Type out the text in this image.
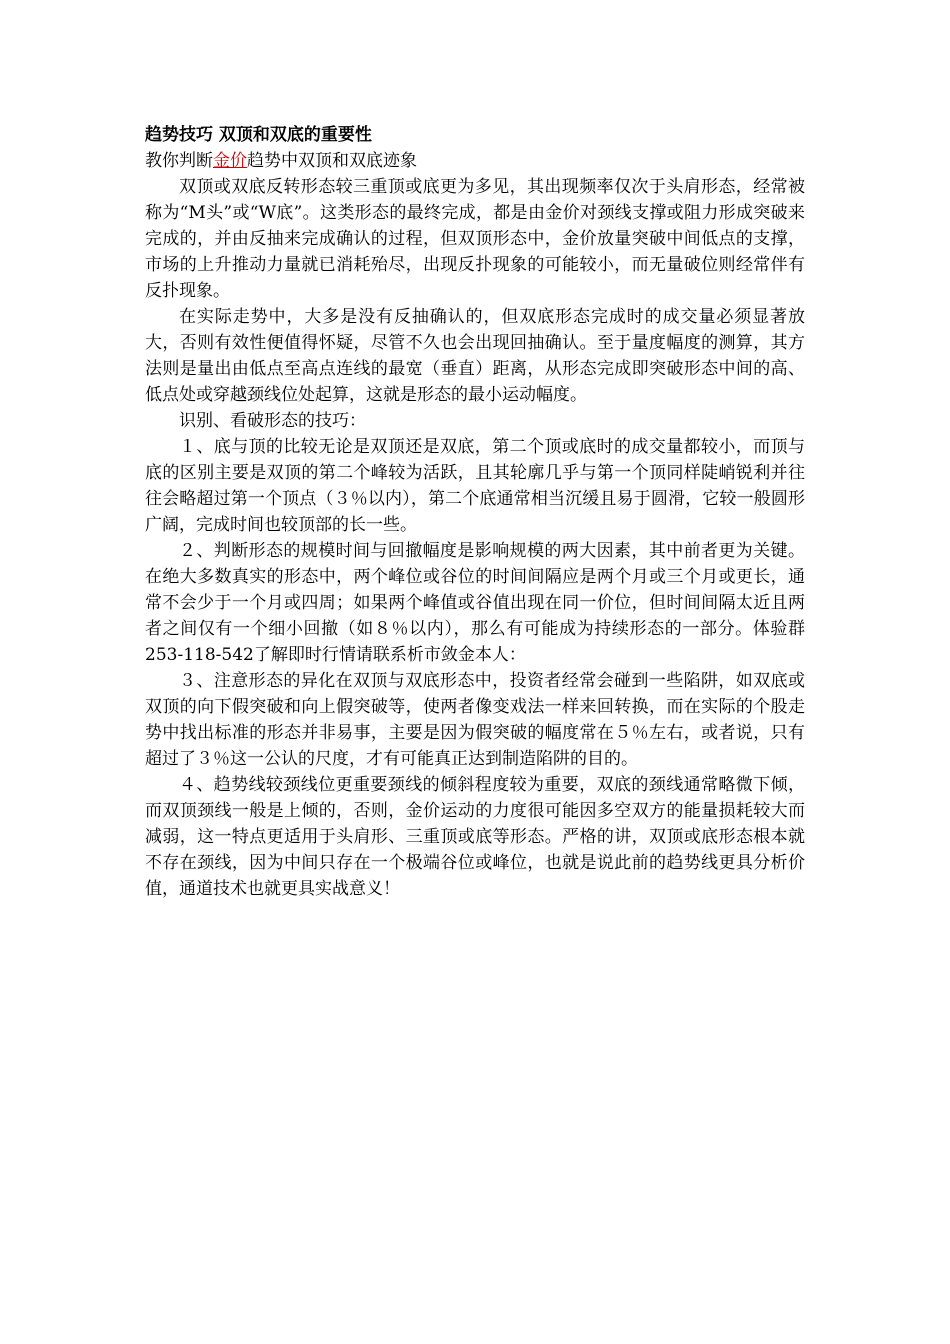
趋势技巧 双顶和双底的重要性

教你判断金价趋势中双顶和双底迹象

双顶或双底反转形态较三重顶或底更为多见，其出现频率仅次于头肩形态，经常被称为“M头”或“W底”。这类形态的最终完成，都是由金价对颈线支撑或阻力形成突破来完成的，并由反抽来完成确认的过程，但双顶形态中，金价放量突破中间低点的支撑，市场的上升推动力量就已消耗殆尽，出现反扑现象的可能较小，而无量破位则经常伴有反扑现象。

在实际走势中，大多是没有反抽确认的，但双底形态完成时的成交量必须显著放大，否则有效性便值得怀疑，尽管不久也会出现回抽确认。至于量度幅度的测算，其方法则是量出由低点至高点连线的最宽（垂直）距离，从形态完成即突破形态中间的高、低点处或穿越颈线位处起算，这就是形态的最小运动幅度。

识别、看破形态的技巧：

１、底与顶的比较无论是双顶还是双底，第二个顶或底时的成交量都较小，而顶与底的区别主要是双顶的第二个峰较为活跃，且其轮廓几乎与第一个顶同样陡峭锐利并往往会略超过第一个顶点（３％以内），第二个底通常相当沉缓且易于圆滑，它较一般圆形广阔，完成时间也较顶部的长一些。

２、判断形态的规模时间与回撤幅度是影响规模的两大因素，其中前者更为关键。在绝大多数真实的形态中，两个峰位或谷位的时间间隔应是两个月或三个月或更长，通常不会少于一个月或四周；如果两个峰值或谷值出现在同一价位，但时间间隔太近且两者之间仅有一个细小回撤（如８％以内），那么有可能成为持续形态的一部分。体验群253-118-542了解即时行情请联系析市敛金本人：

３、注意形态的异化在双顶与双底形态中，投资者经常会碰到一些陷阱，如双底或双顶的向下假突破和向上假突破等，使两者像变戏法一样来回转换，而在实际的个股走势中找出标准的形态并非易事，主要是因为假突破的幅度常在５％左右，或者说，只有超过了３％这一公认的尺度，才有可能真正达到制造陷阱的目的。

４、趋势线较颈线位更重要颈线的倾斜程度较为重要，双底的颈线通常略微下倾，而双顶颈线一般是上倾的，否则，金价运动的力度很可能因多空双方的能量损耗较大而减弱，这一特点更适用于头肩形、三重顶或底等形态。严格的讲，双顶或底形态根本就不存在颈线，因为中间只存在一个极端谷位或峰位，也就是说此前的趋势线更具分析价值，通道技术也就更具实战意义！
